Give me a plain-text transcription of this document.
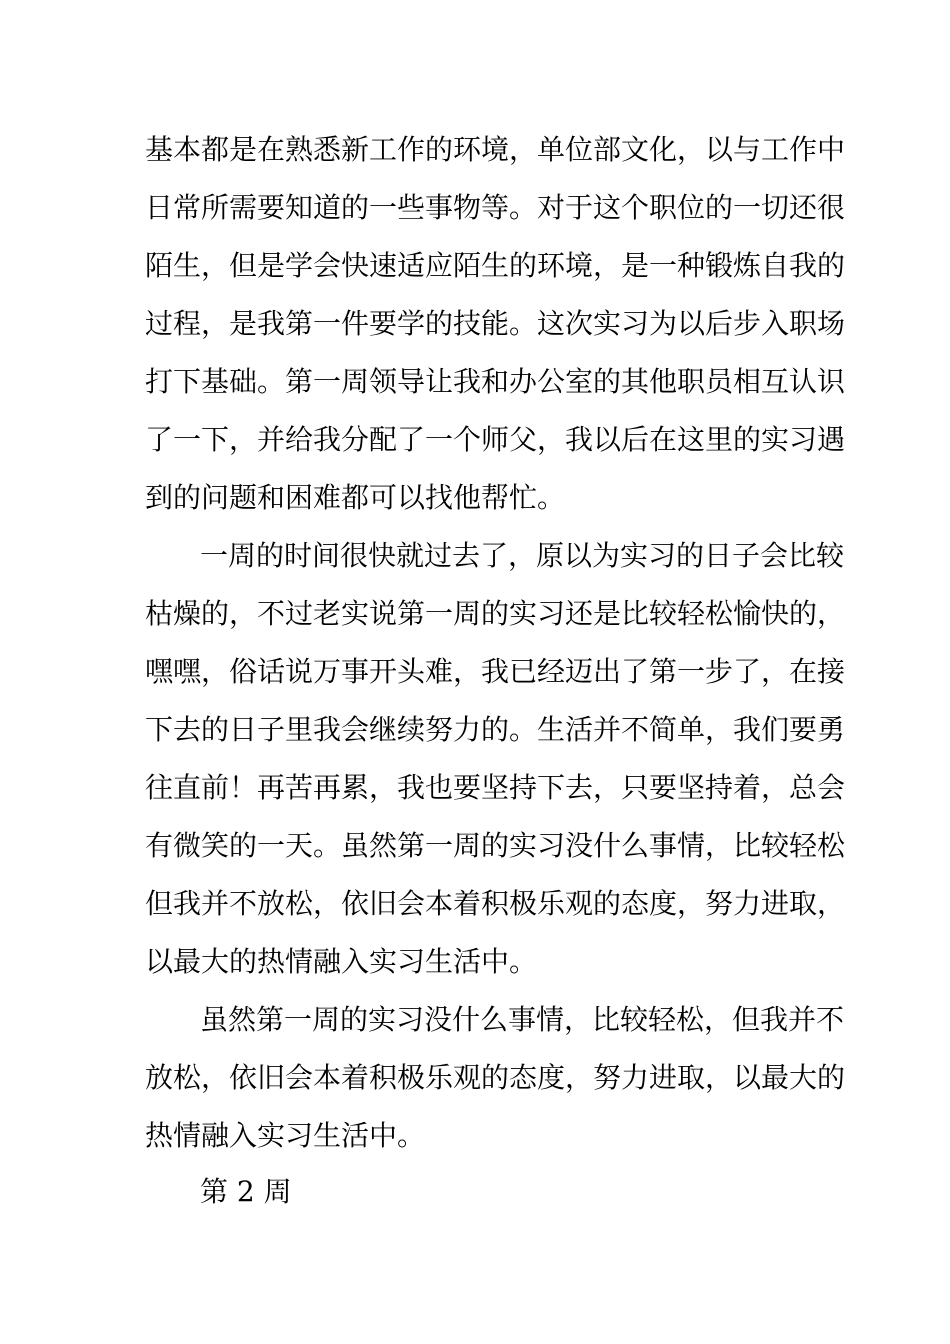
基本都是在熟悉新工作的环境，单位部文化，以与工作中
日常所需要知道的一些事物等。对于这个职位的一切还很
陌生，但是学会快速适应陌生的环境，是一种锻炼自我的
过程，是我第一件要学的技能。这次实习为以后步入职场
打下基础。第一周领导让我和办公室的其他职员相互认识
了一下，并给我分配了一个师父，我以后在这里的实习遇
到的问题和困难都可以找他帮忙。
一周的时间很快就过去了，原以为实习的日子会比较
枯燥的，不过老实说第一周的实习还是比较轻松愉快的，
嘿嘿，俗话说万事开头难，我已经迈出了第一步了，在接
下去的日子里我会继续努力的。生活并不简单，我们要勇
往直前！再苦再累，我也要坚持下去，只要坚持着，总会
有微笑的一天。虽然第一周的实习没什么事情，比较轻松
但我并不放松，依旧会本着积极乐观的态度，努力进取，
以最大的热情融入实习生活中。
虽然第一周的实习没什么事情，比较轻松，但我并不
放松，依旧会本着积极乐观的态度，努力进取，以最大的
热情融入实习生活中。
第 2 周
